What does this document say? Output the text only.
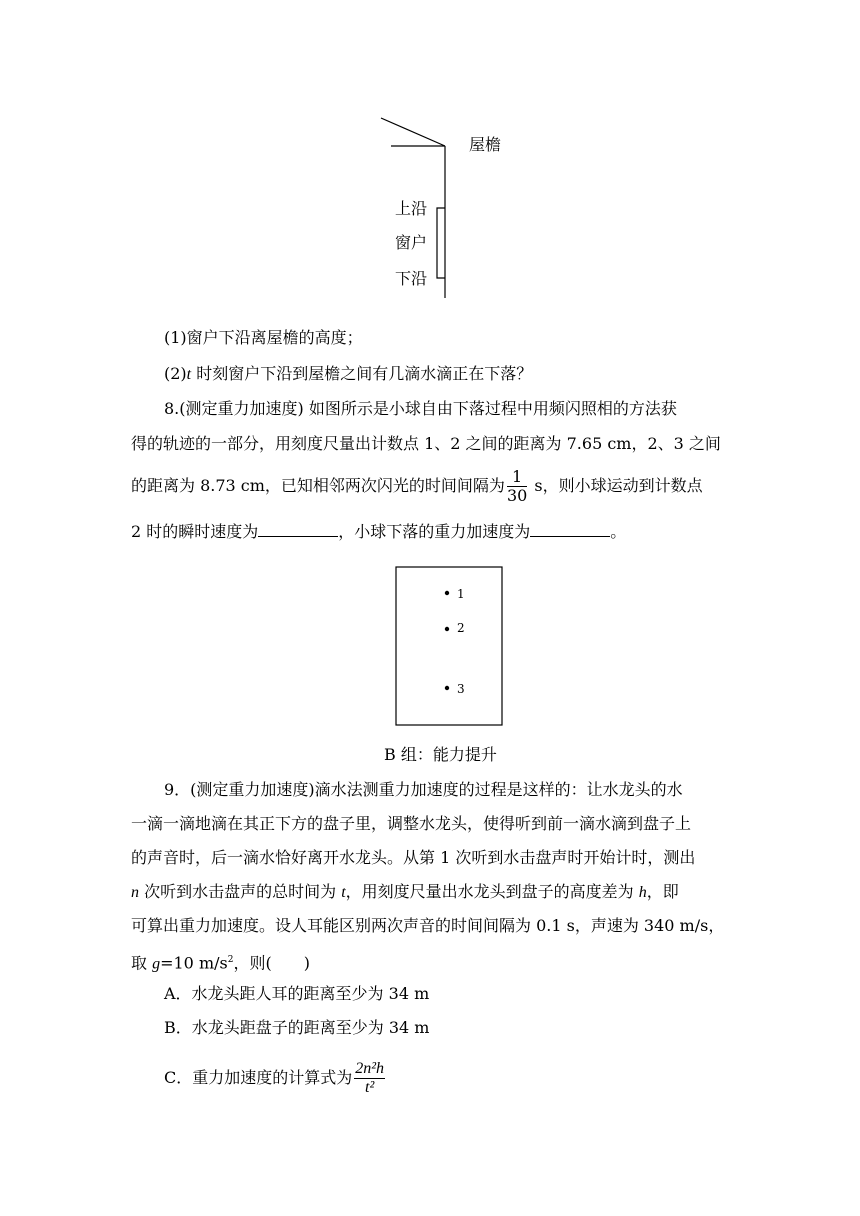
屋檐
上沿
窗户
下沿
(1)窗户下沿离屋檐的高度；
(2)t 时刻窗户下沿到屋檐之间有几滴水滴正在下落？
8.(测定重力加速度) 如图所示是小球自由下落过程中用频闪照相的方法获
得的轨迹的一部分，用刻度尺量出计数点 1、2 之间的距离为 7.65 cm，2、3 之间
的距离为 8.73 cm，已知相邻两次闪光的时间间隔为 $\frac{1}{30}$ s，则小球运动到计数点
2 时的瞬时速度为	，小球下落的重力加速度为	。
1
2
3
B 组：能力提升
9．(测定重力加速度)滴水法测重力加速度的过程是这样的：让水龙头的水
一滴一滴地滴在其正下方的盘子里，调整水龙头，使得听到前一滴水滴到盘子上
的声音时，后一滴水恰好离开水龙头。从第 1 次听到水击盘声时开始计时，测出
n 次听到水击盘声的总时间为 t，用刻度尺量出水龙头到盘子的高度差为 h，即
可算出重力加速度。设人耳能区别两次声音的时间间隔为 0.1 s，声速为 340 m/s，
取 g=10 $m/s^2$，则(　　)
A．水龙头距人耳的距离至少为 34 m
B．水龙头距盘子的距离至少为 34 m
C．重力加速度的计算式为 $\frac{\text{2n²h}}{\text{t²}}$
